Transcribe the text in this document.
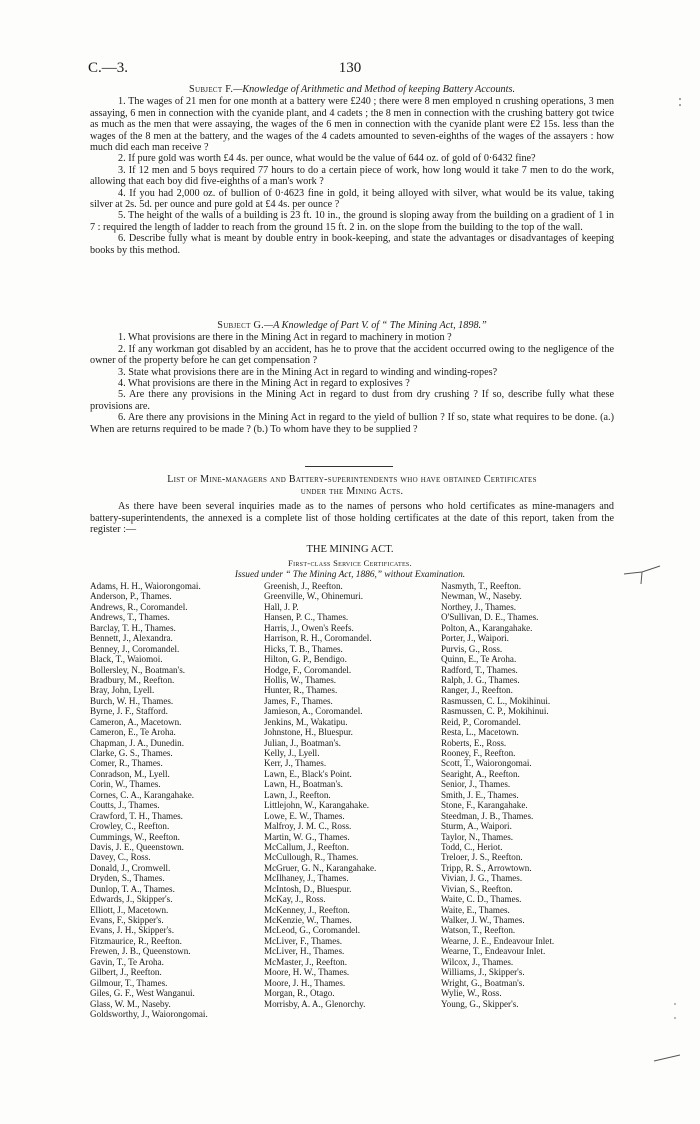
C.—3.	130
Subject F.—Knowledge of Arithmetic and Method of keeping Battery Accounts.

1. The wages of 21 men for one month at a battery were £240 ; there were 8 men employed n crushing operations, 3 men assaying, 6 men in connection with the cyanide plant, and 4 cadets ; the 8 men in connection with the crushing battery got twice as much as the men that were assaying, the wages of the 6 men in connection with the cyanide plant were £2 15s. less than the wages of the 8 men at the battery, and the wages of the 4 cadets amounted to seven-eighths of the wages of the assayers : how much did each man receive ?

2. If pure gold was worth £4 4s. per ounce, what would be the value of 644 oz. of gold of 0·6432 fine?

3. If 12 men and 5 boys required 77 hours to do a certain piece of work, how long would it take 7 men to do the work, allowing that each boy did five-eighths of a man's work ?

4. If you had 2,000 oz. of bullion of 0·4623 fine in gold, it being alloyed with silver, what would be its value, taking silver at 2s. 5d. per ounce and pure gold at £4 4s. per ounce ?

5. The height of the walls of a building is 23 ft. 10 in., the ground is sloping away from the building on a gradient of 1 in 7 : required the length of ladder to reach from the ground 15 ft. 2 in. on the slope from the building to the top of the wall.

6. Describe fully what is meant by double entry in book-keeping, and state the advantages or disadvantages of keeping books by this method.

Subject G.—A Knowledge of Part V. of “ The Mining Act, 1898.”

1. What provisions are there in the Mining Act in regard to machinery in motion ?

2. If any workman got disabled by an accident, has he to prove that the accident occurred owing to the negligence of the owner of the property before he can get compensation ?

3. State what provisions there are in the Mining Act in regard to winding and winding-ropes?

4. What provisions are there in the Mining Act in regard to explosives ?

5. Are there any provisions in the Mining Act in regard to dust from dry crushing ? If so, describe fully what these provisions are.

6. Are there any provisions in the Mining Act in regard to the yield of bullion ? If so, state what requires to be done. (a.) When are returns required to be made ? (b.) To whom have they to be supplied ?

List of Mine-managers and Battery-superintendents who have obtained Certificates
under the Mining Acts.

As there have been several inquiries made as to the names of persons who hold certificates as mine-managers and battery-superintendents, the annexed is a complete list of those holding certificates at the date of this report, taken from the register :—

THE MINING ACT.
First-class Service Certificates.
Issued under “ The Mining Act, 1886,” without Examination.
Adams, H. H., Waiorongomai.
Anderson, P., Thames.
Andrews, R., Coromandel.
Andrews, T., Thames.
Barclay, T. H., Thames.
Bennett, J., Alexandra.
Benney, J., Coromandel.
Black, T., Waiomoi.
Bollersley, N., Boatman's.
Bradbury, M., Reefton.
Bray, John, Lyell.
Burch, W. H., Thames.
Byrne, J. F., Stafford.
Cameron, A., Macetown.
Cameron, E., Te Aroha.
Chapman, J. A., Dunedin.
Clarke, G. S., Thames.
Comer, R., Thames.
Conradson, M., Lyell.
Corin, W., Thames.
Cornes, C. A., Karangahake.
Coutts, J., Thames.
Crawford, T. H., Thames.
Crowley, C., Reefton.
Cummings, W., Reefton.
Davis, J. E., Queenstown.
Davey, C., Ross.
Donald, J., Cromwell.
Dryden, S., Thames.
Dunlop, T. A., Thames.
Edwards, J., Skipper's.
Elliott, J., Macetown.
Evans, F., Skipper's.
Evans, J. H., Skipper's.
Fitzmaurice, R., Reefton.
Frewen, J. B., Queenstown.
Gavin, T., Te Aroha.
Gilbert, J., Reefton.
Gilmour, T., Thames.
Giles, G. F., West Wanganui.
Glass, W. M., Naseby.
Goldsworthy, J., Waiorongomai.
Greenish, J., Reefton.
Greenville, W., Ohinemuri.
Hall, J. P.
Hansen, P. C., Thames.
Harris, J., Owen's Reefs.
Harrison, R. H., Coromandel.
Hicks, T. B., Thames.
Hilton, G. P., Bendigo.
Hodge, F., Coromandel.
Hollis, W., Thames.
Hunter, R., Thames.
James, F., Thames.
Jamieson, A., Coromandel.
Jenkins, M., Wakatipu.
Johnstone, H., Bluespur.
Julian, J., Boatman's.
Kelly, J., Lyell.
Kerr, J., Thames.
Lawn, E., Black's Point.
Lawn, H., Boatman's.
Lawn, J., Reefton.
Littlejohn, W., Karangahake.
Lowe, E. W., Thames.
Malfroy, J. M. C., Ross.
Martin, W. G., Thames.
McCallum, J., Reefton.
McCullough, R., Thames.
McGruer, G. N., Karangahake.
McIlhaney, J., Thames.
McIntosh, D., Bluespur.
McKay, J., Ross.
McKenney, J., Reefton.
McKenzie, W., Thames.
McLeod, G., Coromandel.
McLiver, F., Thames.
McLiver, H., Thames.
McMaster, J., Reefton.
Moore, H. W., Thames.
Moore, J. H., Thames.
Morgan, R., Otago.
Morrisby, A. A., Glenorchy.
Nasmyth, T., Reefton.
Newman, W., Naseby.
Northey, J., Thames.
O'Sullivan, D. E., Thames.
Polton, A., Karangahake.
Porter, J., Waipori.
Purvis, G., Ross.
Quinn, E., Te Aroha.
Radford, T., Thames.
Ralph, J. G., Thames.
Ranger, J., Reefton.
Rasmussen, C. L., Mokihinui.
Rasmussen, C. P., Mokihinui.
Reid, P., Coromandel.
Resta, L., Macetown.
Roberts, E., Ross.
Rooney, F., Reefton.
Scott, T., Waiorongomai.
Searight, A., Reefton.
Senior, J., Thames.
Smith, J. E., Thames.
Stone, F., Karangahake.
Steedman, J. B., Thames.
Sturm, A., Waipori.
Taylor, N., Thames.
Todd, C., Heriot.
Treloer, J. S., Reefton.
Tripp, R. S., Arrowtown.
Vivian, J. G., Thames.
Vivian, S., Reefton.
Waite, C. D., Thames.
Waite, E., Thames.
Walker, J. W., Thames.
Watson, T., Reefton.
Wearne, J. E., Endeavour Inlet.
Wearne, T., Endeavour Inlet.
Wilcox, J., Thames.
Williams, J., Skipper's.
Wright, G., Boatman's.
Wylie, W., Ross.
Young, G., Skipper's.
